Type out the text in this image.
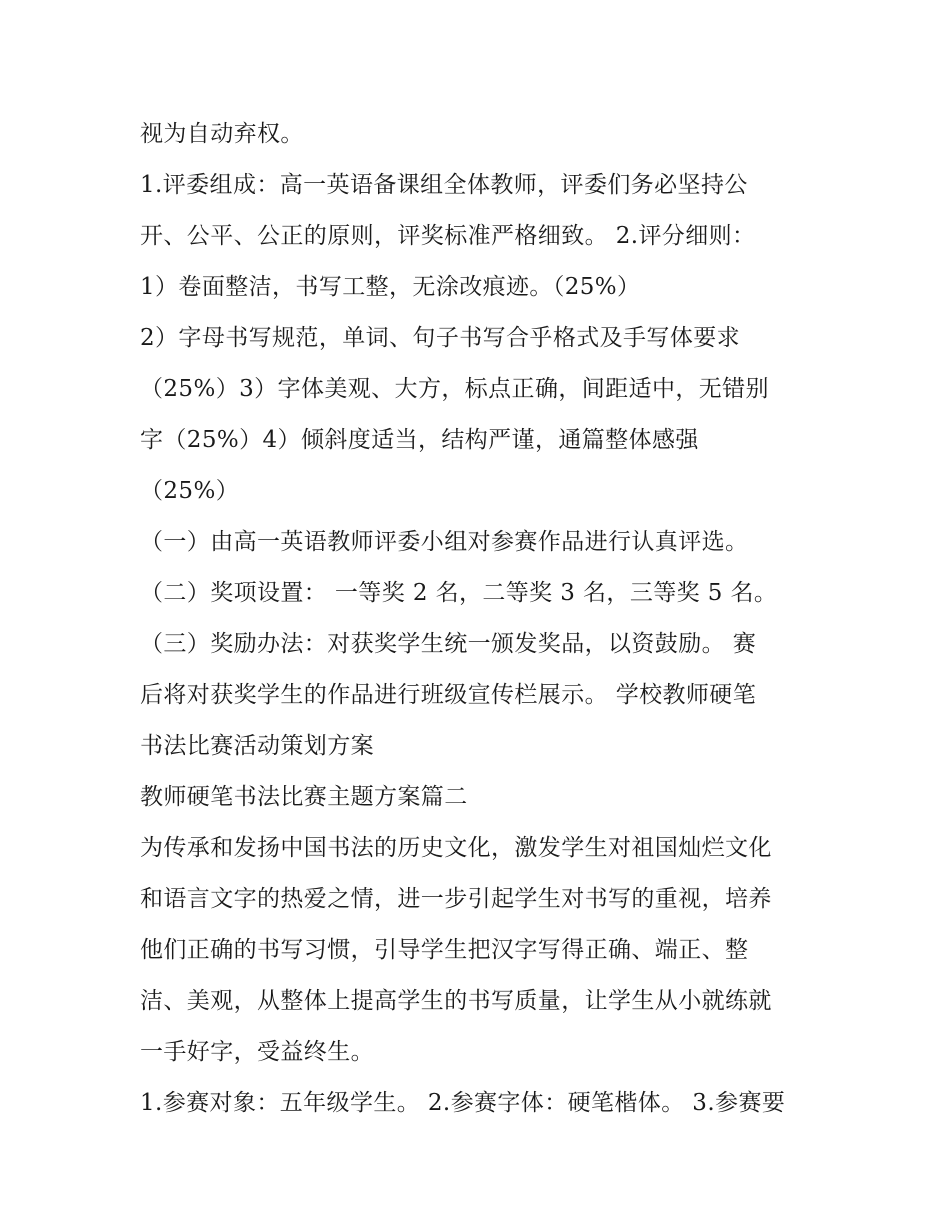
视为自动弃权。
1.评委组成：高一英语备课组全体教师，评委们务必坚持公
开、公平、公正的原则，评奖标准严格细致。 2.评分细则：
1）卷面整洁，书写工整，无涂改痕迹。（25%）
2）字母书写规范，单词、句子书写合乎格式及手写体要求
（25%）3）字体美观、大方，标点正确，间距适中，无错别
字（25%）4）倾斜度适当，结构严谨，通篇整体感强
（25%）
（一）由高一英语教师评委小组对参赛作品进行认真评选。
（二）奖项设置： 一等奖 2 名，二等奖 3 名，三等奖 5 名。
（三）奖励办法：对获奖学生统一颁发奖品，以资鼓励。 赛
后将对获奖学生的作品进行班级宣传栏展示。 学校教师硬笔
书法比赛活动策划方案
教师硬笔书法比赛主题方案篇二
为传承和发扬中国书法的历史文化，激发学生对祖国灿烂文化
和语言文字的热爱之情，进一步引起学生对书写的重视，培养
他们正确的书写习惯，引导学生把汉字写得正确、端正、整
洁、美观，从整体上提高学生的书写质量，让学生从小就练就
一手好字，受益终生。
1.参赛对象：五年级学生。 2.参赛字体：硬笔楷体。 3.参赛要
